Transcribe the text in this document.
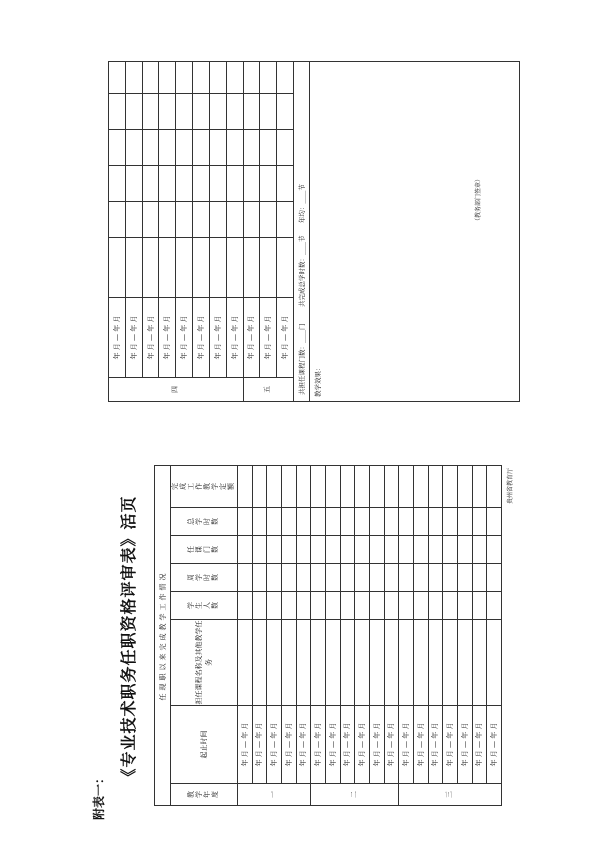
四	年 月 — 年 月						
	年 月 — 年 月						
	年 月 — 年 月						
	年 月 — 年 月						
	年 月 — 年 月						
	年 月 — 年 月						
	年 月 — 年 月						
	年 月 — 年 月						
五	年 月 — 年 月						
	年 月 — 年 月						
	年 月 — 年 月						
共担任课程门数：____门        共完成总学时数：____节      年均：____节							
教学效果：
（教务部门签章）							
附表一：
《专业技术职务任职资格评审表》活页	任现职以来完成教学工作情况							
教学年度	起止时间	担任课程名称及其他教学任务	学生人数	周学时数	任课门数	总学时数	完成工作教学定额
一	年 月 — 年 月						
	年 月 — 年 月						
	年 月 — 年 月						
	年 月 — 年 月						
	年 月 — 年 月						
二	年 月 — 年 月						
	年 月 — 年 月						
	年 月 — 年 月						
	年 月 — 年 月						
	年 月 — 年 月						
	年 月 — 年 月						
三	年 月 — 年 月						
	年 月 — 年 月						
	年 月 — 年 月						
	年 月 — 年 月						
	年 月 — 年 月						
	年 月 — 年 月						
	年 月 — 年 月						
贵州省教育厅
